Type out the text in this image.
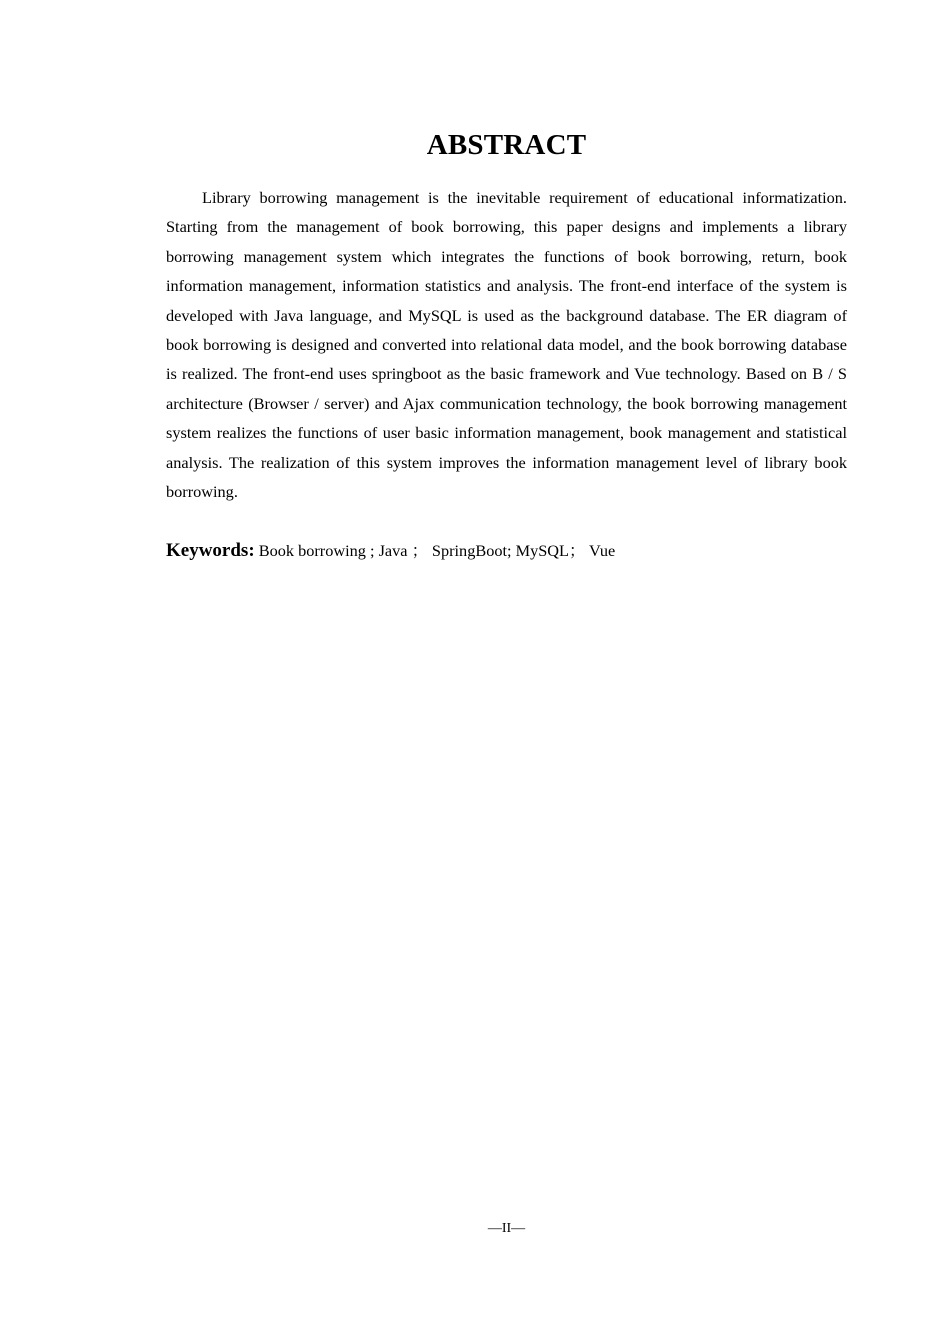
ABSTRACT

Library borrowing management is the inevitable requirement of educational informatization. Starting from the management of book borrowing, this paper designs and implements a library borrowing management system which integrates the functions of book borrowing, return, book information management, information statistics and analysis. The front-end interface of the system is developed with Java language, and MySQL is used as the background database. The ER diagram of book borrowing is designed and converted into relational data model, and the book borrowing database is realized. The front-end uses springboot as the basic framework and Vue technology. Based on B / S architecture (Browser / server) and Ajax communication technology, the book borrowing management system realizes the functions of user basic information management, book management and statistical analysis. The realization of this system improves the information management level of library book borrowing.

Keywords: Book borrowing ; Java ； SpringBoot; MySQL； Vue

—II—
